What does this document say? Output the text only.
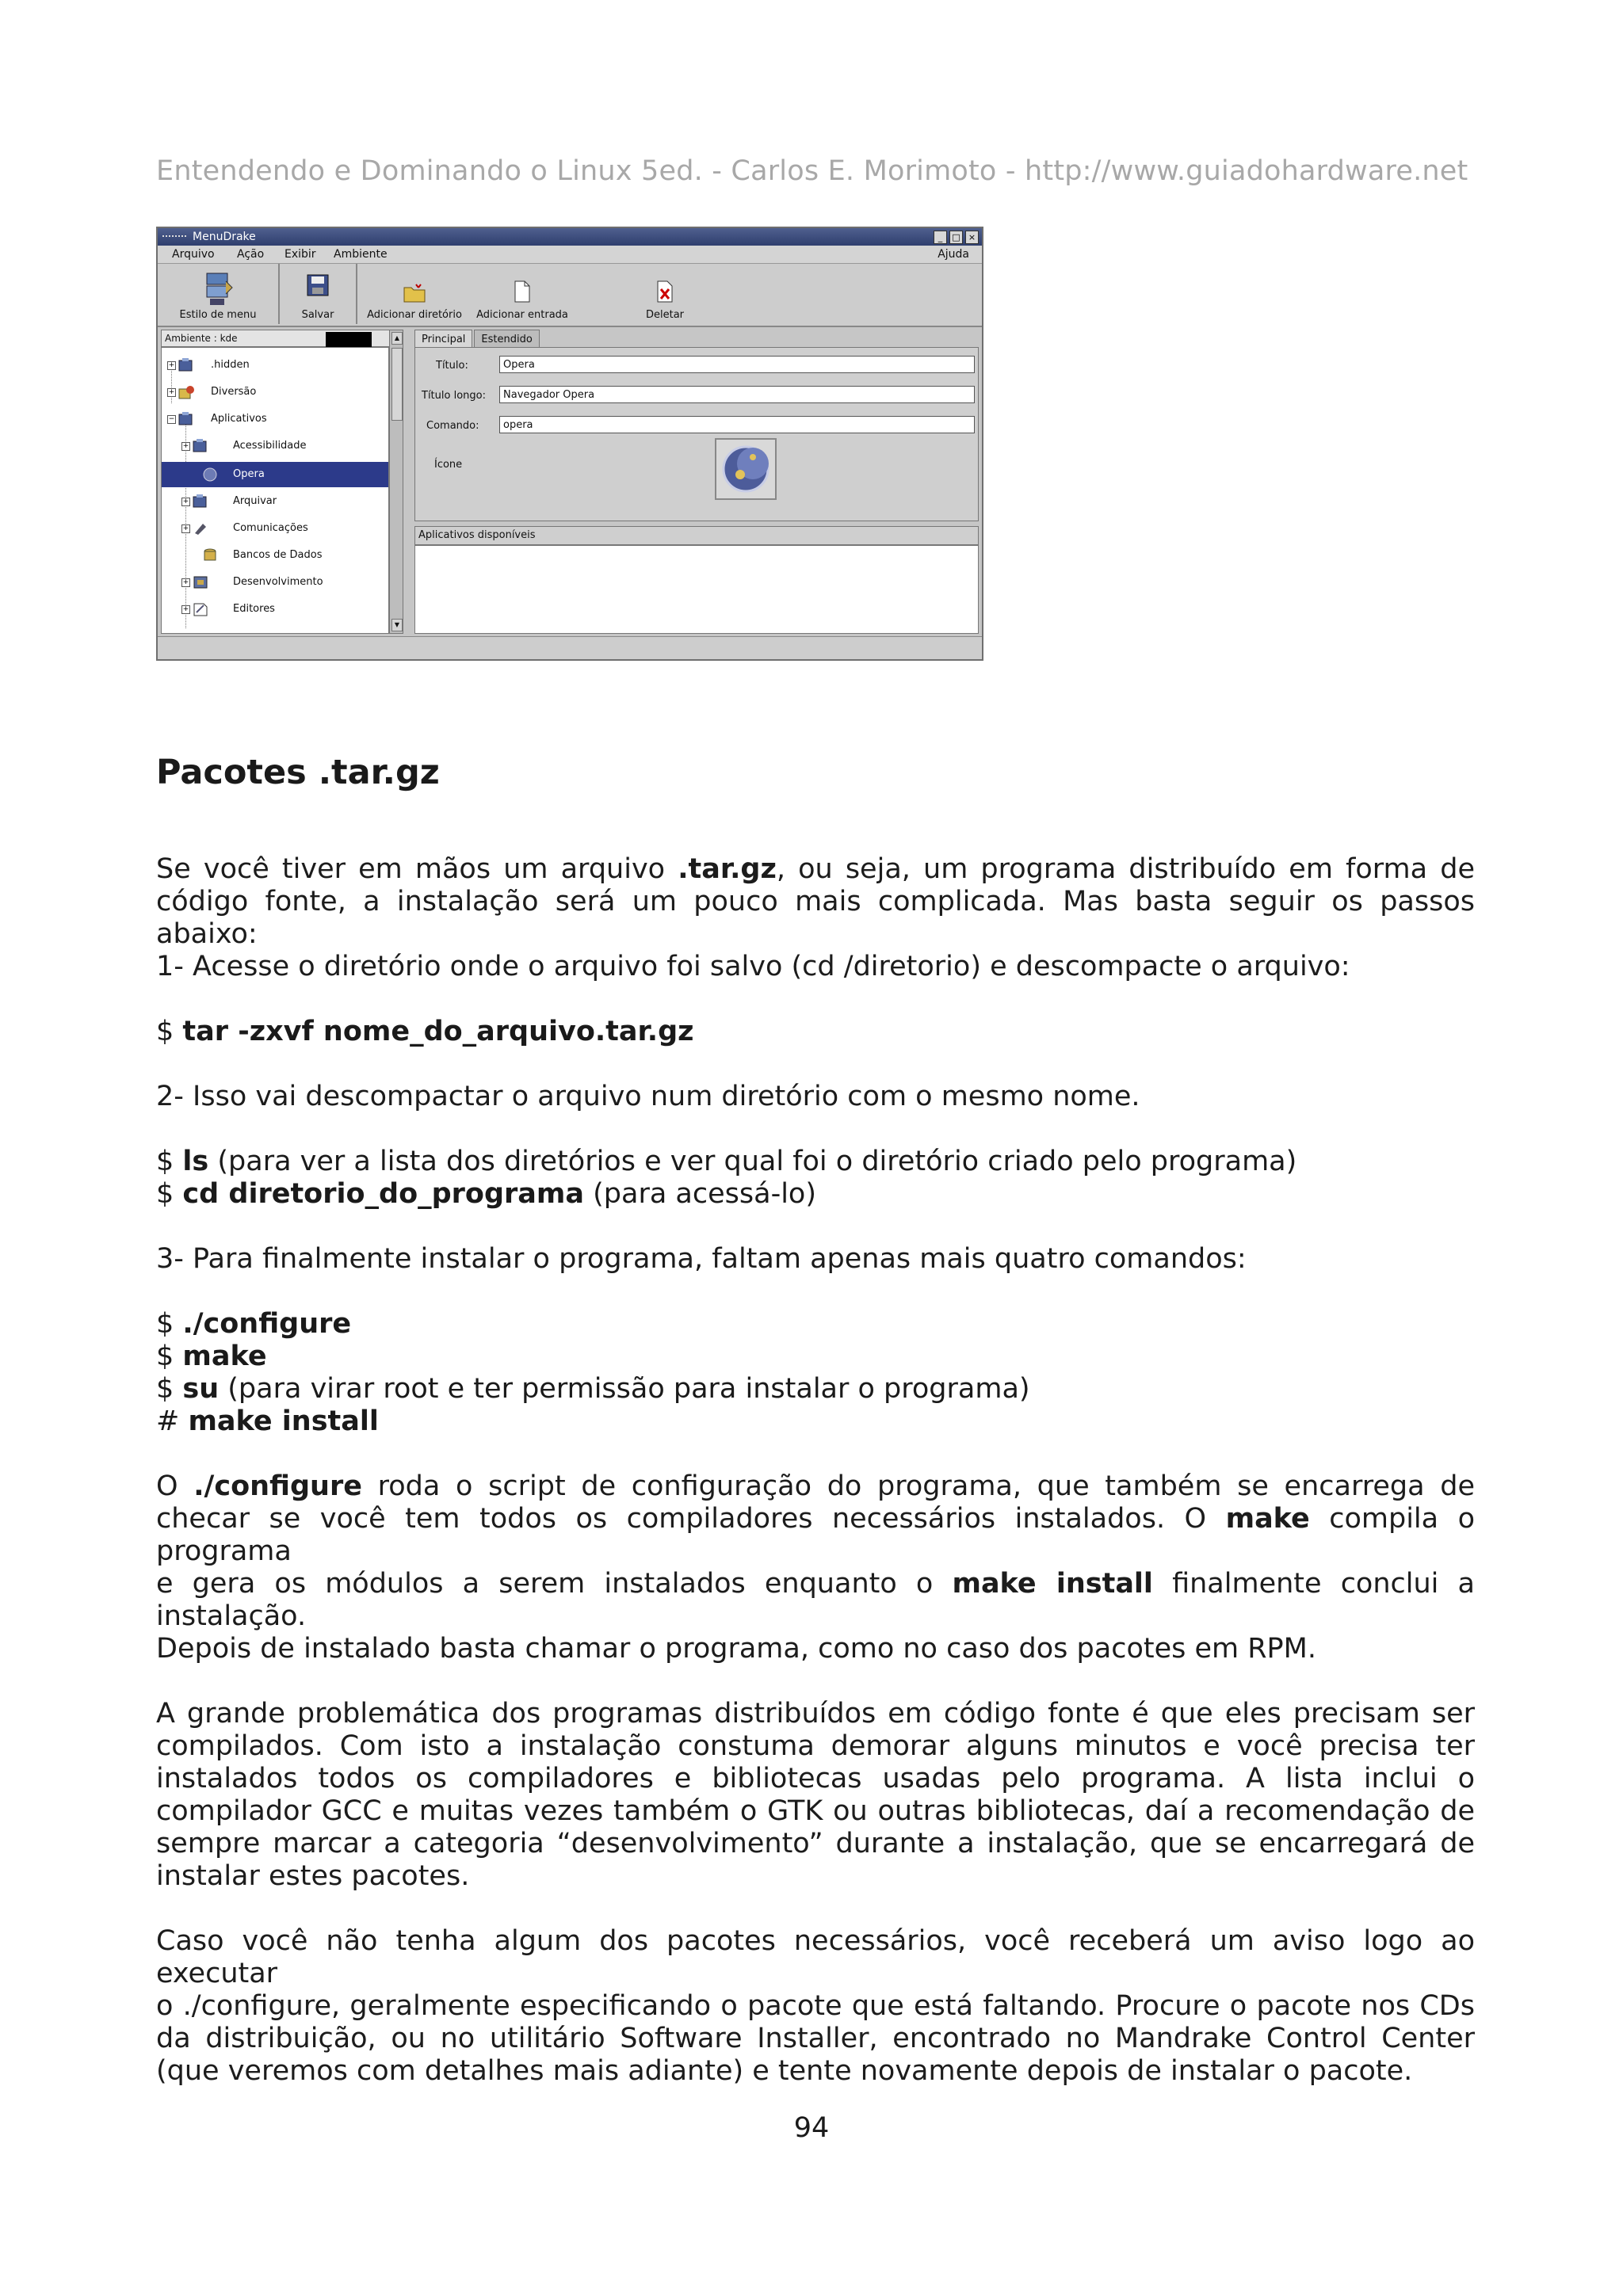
Entendendo e Dominando o Linux 5ed. - Carlos E. Morimoto - http://www.guiadohardware.net
MenuDrake	_	□ ×
Arquivo Ação Exibir Ambiente	Ajuda
Estilo de menu	Salvar	Adicionar diretório	Adicionar entrada	Deletar
Ambiente : kde
+	.hidden
+	Diversão
−	Aplicativos
+	Acessibilidade
Opera
+	Arquivar
+	Comunicações
Bancos de Dados
+	Desenvolvimento
+	Editores
▲
▼
Principal	Estendido
Título:	Opera
Título longo:	Navegador Opera
Comando:	opera
Ícone
Aplicativos disponíveis
Pacotes .tar.gz
Se você tiver em mãos um arquivo .tar.gz, ou seja, um programa distribuído em forma de
código fonte, a instalação será um pouco mais complicada. Mas basta seguir os passos abaixo:
1- Acesse o diretório onde o arquivo foi salvo (cd /diretorio) e descompacte o arquivo:
$ tar -zxvf nome_do_arquivo.tar.gz
2- Isso vai descompactar o arquivo num diretório com o mesmo nome.
$ ls (para ver a lista dos diretórios e ver qual foi o diretório criado pelo programa)
$ cd diretorio_do_programa (para acessá-lo)
3- Para finalmente instalar o programa, faltam apenas mais quatro comandos:
$ ./configure
$ make
$ su (para virar root e ter permissão para instalar o programa)
# make install
O ./configure roda o script de configuração do programa, que também se encarrega de
checar se você tem todos os compiladores necessários instalados. O make compila o programa
e gera os módulos a serem instalados enquanto o make install finalmente conclui a
instalação.
Depois de instalado basta chamar o programa, como no caso dos pacotes em RPM.
A grande problemática dos programas distribuídos em código fonte é que eles precisam ser
compilados. Com isto a instalação constuma demorar alguns minutos e você precisa ter
instalados todos os compiladores e bibliotecas usadas pelo programa. A lista inclui o
compilador GCC e muitas vezes também o GTK ou outras bibliotecas, daí a recomendação de
sempre marcar a categoria “desenvolvimento” durante a instalação, que se encarregará de
instalar estes pacotes.
Caso você não tenha algum dos pacotes necessários, você receberá um aviso logo ao executar
o ./configure, geralmente especificando o pacote que está faltando. Procure o pacote nos CDs
da distribuição, ou no utilitário Software Installer, encontrado no Mandrake Control Center
(que veremos com detalhes mais adiante) e tente novamente depois de instalar o pacote.
94
